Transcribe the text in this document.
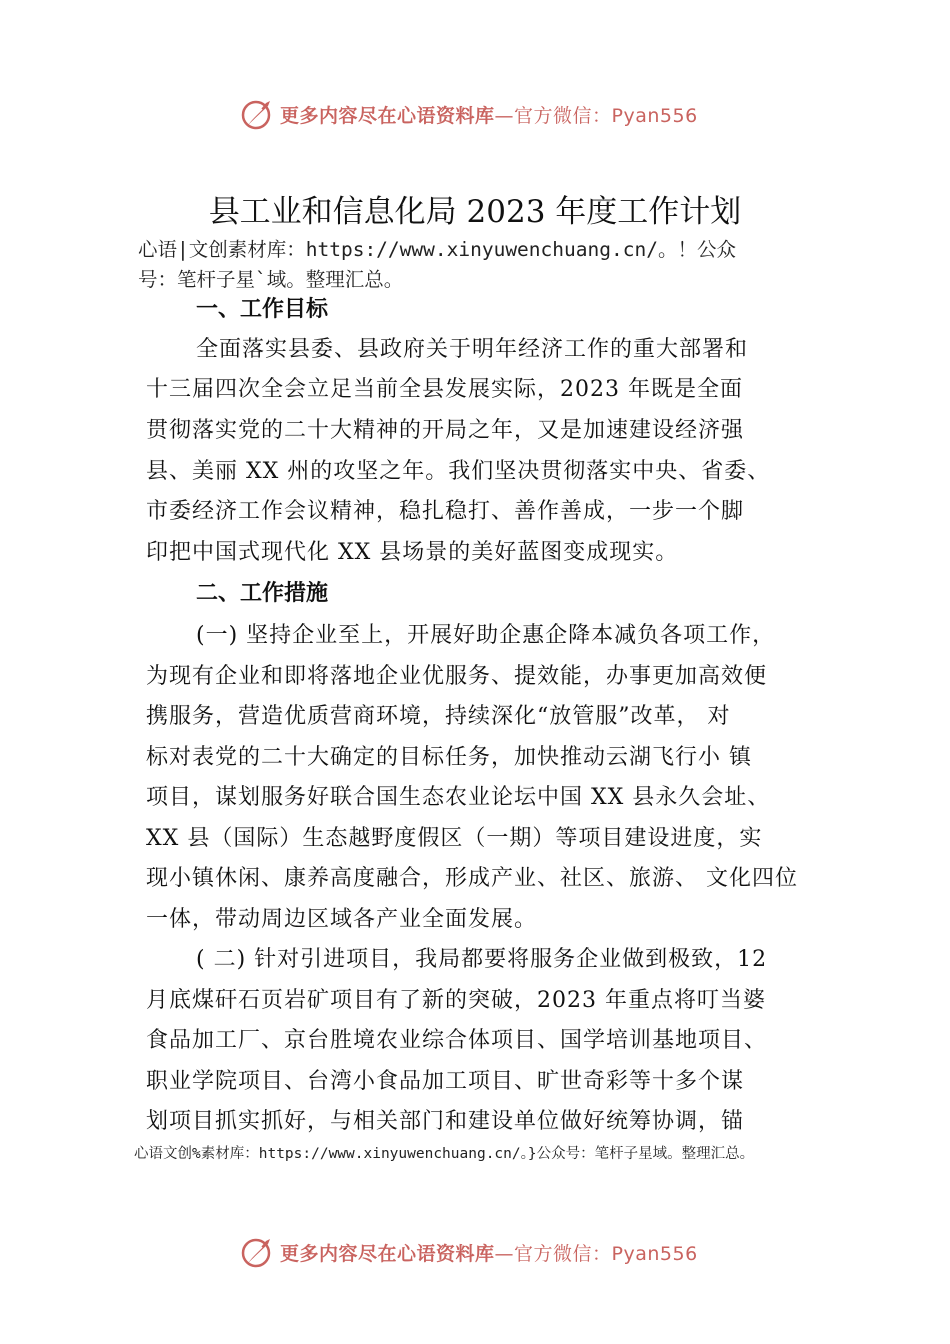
更多内容尽在心语资料库—官方微信：Pyan556
县工业和信息化局 2023 年度工作计划
心语|文创素材库：https://www.xinyuwenchuang.cn/。！公众
号：笔杆子星`域。整理汇总。
一、工作目标
全面落实县委、县政府关于明年经济工作的重大部署和
十三届四次全会立足当前全县发展实际，2023 年既是全面
贯彻落实党的二十大精神的开局之年，又是加速建设经济强
县、美丽 XX 州的攻坚之年。我们坚决贯彻落实中央、省委、
市委经济工作会议精神，稳扎稳打、善作善成，一步一个脚
印把中国式现代化 XX 县场景的美好蓝图变成现实。
二、工作措施
(一) 坚持企业至上，开展好助企惠企降本减负各项工作，
为现有企业和即将落地企业优服务、提效能，办事更加高效便
携服务，营造优质营商环境，持续深化“放管服”改革， 对
标对表党的二十大确定的目标任务，加快推动云湖飞行小 镇
项目，谋划服务好联合国生态农业论坛中国 XX 县永久会址、
XX 县（国际）生态越野度假区（一期）等项目建设进度，实
现小镇休闲、康养高度融合，形成产业、社区、旅游、 文化四位
一体，带动周边区域各产业全面发展。
( 二) 针对引进项目，我局都要将服务企业做到极致，12
月底煤矸石页岩矿项目有了新的突破，2023 年重点将叮当婆
食品加工厂、京台胜境农业综合体项目、国学培训基地项目、
职业学院项目、台湾小食品加工项目、旷世奇彩等十多个谋
划项目抓实抓好，与相关部门和建设单位做好统筹协调，锚
心语文创%素材库：https://www.xinyuwenchuang.cn/。}公众号：笔杆子星域。整理汇总。
更多内容尽在心语资料库—官方微信：Pyan556
